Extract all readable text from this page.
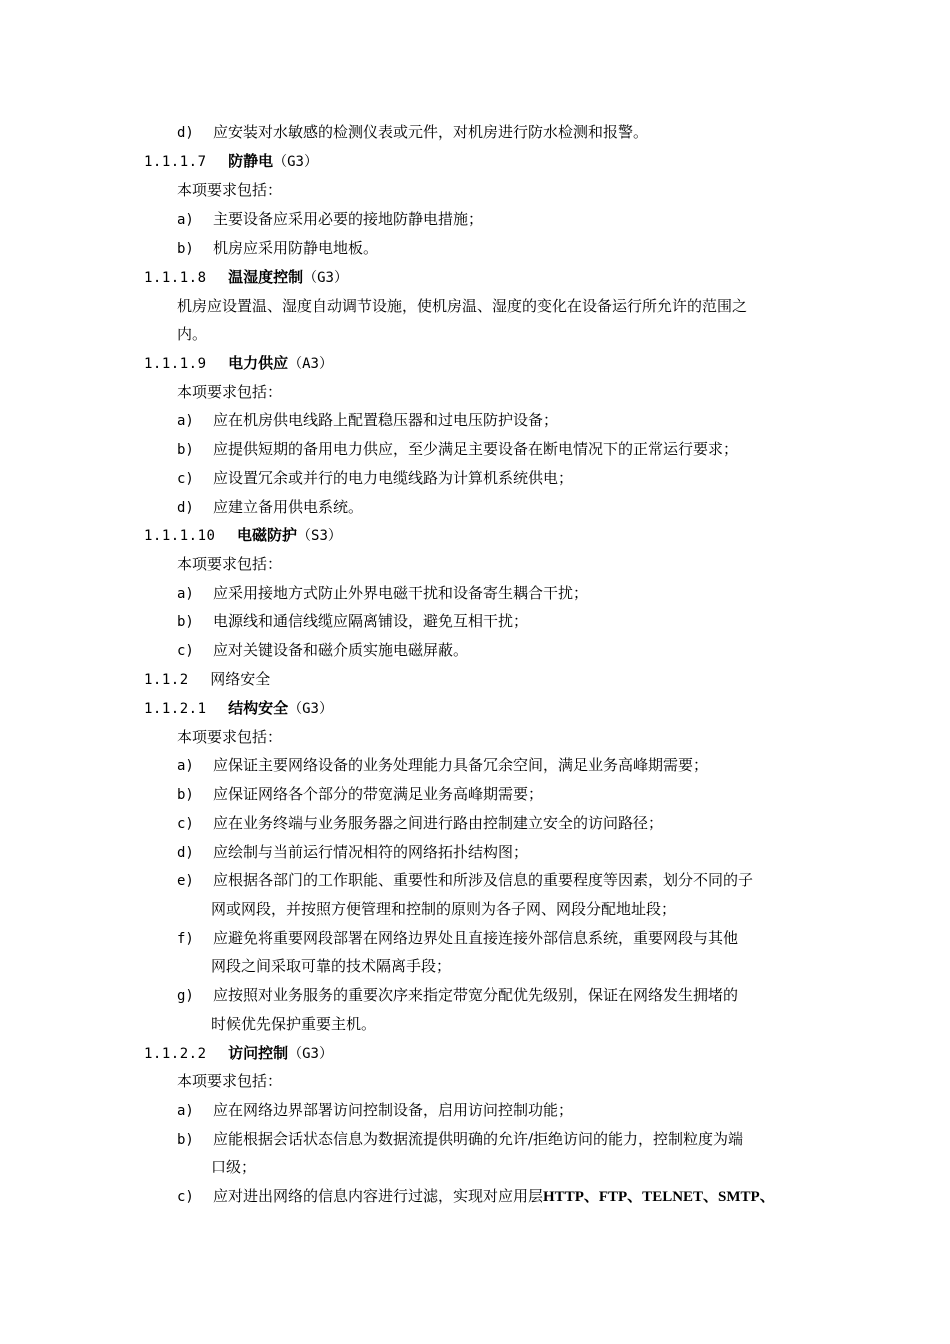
d) 应安装对水敏感的检测仪表或元件，对机房进行防水检测和报警。
1.1.1.7 防静电（G3）
本项要求包括：
a) 主要设备应采用必要的接地防静电措施；
b) 机房应采用防静电地板。
1.1.1.8 温湿度控制（G3）
机房应设置温、湿度自动调节设施，使机房温、湿度的变化在设备运行所允许的范围之
内。
1.1.1.9 电力供应（A3）
本项要求包括：
a) 应在机房供电线路上配置稳压器和过电压防护设备；
b) 应提供短期的备用电力供应，至少满足主要设备在断电情况下的正常运行要求；
c) 应设置冗余或并行的电力电缆线路为计算机系统供电；
d) 应建立备用供电系统。
1.1.1.10 电磁防护（S3）
本项要求包括：
a) 应采用接地方式防止外界电磁干扰和设备寄生耦合干扰；
b) 电源线和通信线缆应隔离铺设，避免互相干扰；
c) 应对关键设备和磁介质实施电磁屏蔽。
1.1.2 网络安全
1.1.2.1 结构安全（G3）
本项要求包括：
a) 应保证主要网络设备的业务处理能力具备冗余空间，满足业务高峰期需要；
b) 应保证网络各个部分的带宽满足业务高峰期需要；
c) 应在业务终端与业务服务器之间进行路由控制建立安全的访问路径；
d) 应绘制与当前运行情况相符的网络拓扑结构图；
e) 应根据各部门的工作职能、重要性和所涉及信息的重要程度等因素，划分不同的子
网或网段，并按照方便管理和控制的原则为各子网、网段分配地址段；
f) 应避免将重要网段部署在网络边界处且直接连接外部信息系统，重要网段与其他
网段之间采取可靠的技术隔离手段；
g) 应按照对业务服务的重要次序来指定带宽分配优先级别，保证在网络发生拥堵的
时候优先保护重要主机。
1.1.2.2 访问控制（G3）
本项要求包括：
a) 应在网络边界部署访问控制设备，启用访问控制功能；
b) 应能根据会话状态信息为数据流提供明确的允许/拒绝访问的能力，控制粒度为端
口级；
c) 应对进出网络的信息内容进行过滤，实现对应用层HTTP、FTP、TELNET、SMTP、
